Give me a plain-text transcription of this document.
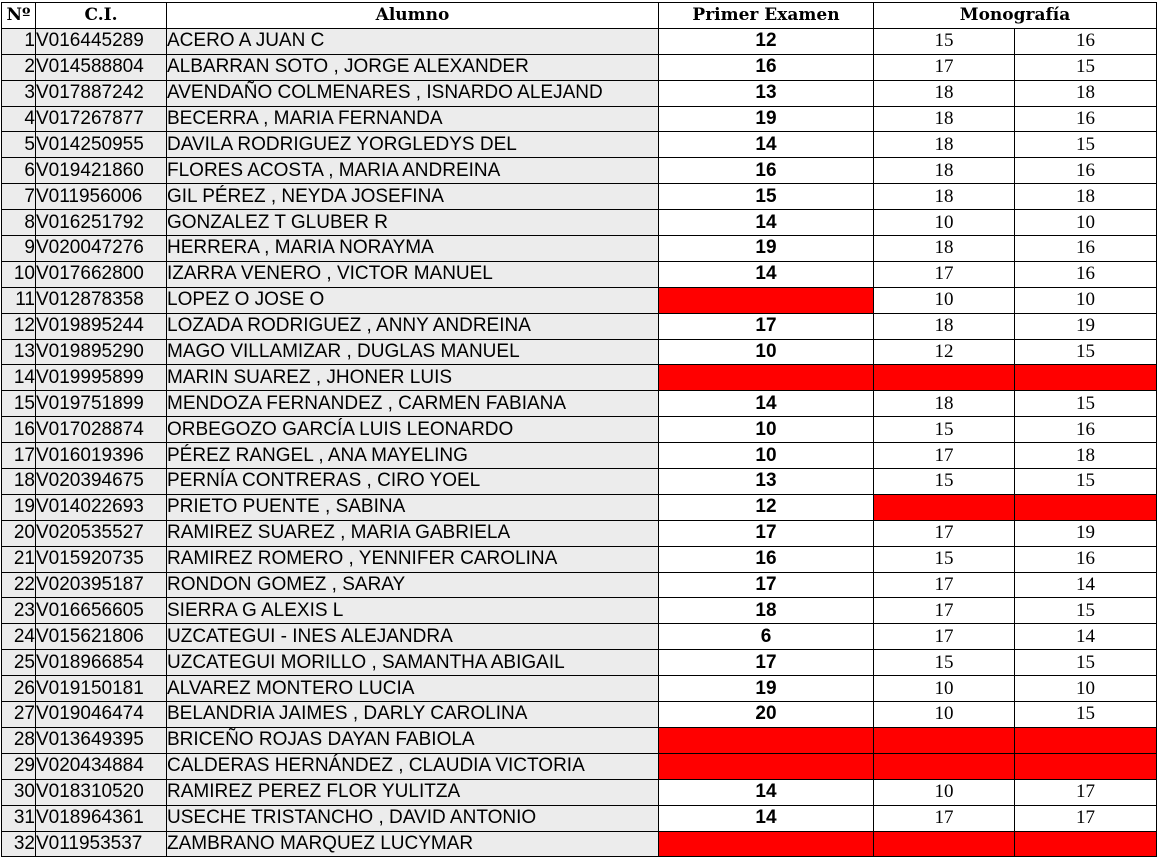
Nº	C.I.	Alumno	Primer Examen	Monografía	
1	V016445289	ACERO A JUAN C	12	15	16
2	V014588804	ALBARRAN SOTO , JORGE ALEXANDER	16	17	15
3	V017887242	AVENDAÑO COLMENARES , ISNARDO ALEJAND	13	18	18
4	V017267877	BECERRA , MARIA FERNANDA	19	18	16
5	V014250955	DAVILA RODRIGUEZ YORGLEDYS DEL	14	18	15
6	V019421860	FLORES ACOSTA , MARIA ANDREINA	16	18	16
7	V011956006	GIL PÉREZ , NEYDA JOSEFINA	15	18	18
8	V016251792	GONZALEZ T GLUBER R	14	10	10
9	V020047276	HERRERA , MARIA NORAYMA	19	18	16
10	V017662800	IZARRA VENERO , VICTOR MANUEL	14	17	16
11	V012878358	LOPEZ O JOSE O		10	10
12	V019895244	LOZADA RODRIGUEZ , ANNY ANDREINA	17	18	19
13	V019895290	MAGO VILLAMIZAR , DUGLAS MANUEL	10	12	15
14	V019995899	MARIN SUAREZ , JHONER LUIS			
15	V019751899	MENDOZA FERNANDEZ , CARMEN FABIANA	14	18	15
16	V017028874	ORBEGOZO GARCÍA LUIS LEONARDO	10	15	16
17	V016019396	PÉREZ RANGEL , ANA MAYELING	10	17	18
18	V020394675	PERNÍA CONTRERAS , CIRO YOEL	13	15	15
19	V014022693	PRIETO PUENTE , SABINA	12		
20	V020535527	RAMIREZ SUAREZ , MARIA GABRIELA	17	17	19
21	V015920735	RAMIREZ ROMERO , YENNIFER CAROLINA	16	15	16
22	V020395187	RONDON GOMEZ , SARAY	17	17	14
23	V016656605	SIERRA G ALEXIS L	18	17	15
24	V015621806	UZCATEGUI - INES ALEJANDRA	6	17	14
25	V018966854	UZCATEGUI MORILLO , SAMANTHA ABIGAIL	17	15	15
26	V019150181	ALVAREZ MONTERO LUCIA	19	10	10
27	V019046474	BELANDRIA JAIMES , DARLY CAROLINA	20	10	15
28	V013649395	BRICEÑO ROJAS DAYAN FABIOLA			
29	V020434884	CALDERAS HERNÁNDEZ , CLAUDIA VICTORIA			
30	V018310520	RAMIREZ PEREZ FLOR YULITZA	14	10	17
31	V018964361	USECHE TRISTANCHO , DAVID ANTONIO	14	17	17
32	V011953537	ZAMBRANO MARQUEZ LUCYMAR			
